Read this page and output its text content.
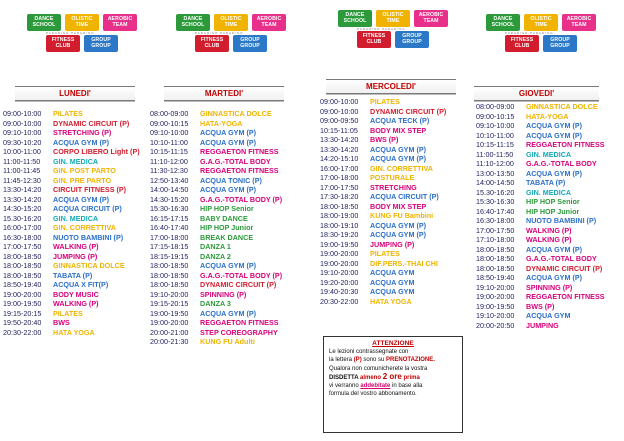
DANCE
SCHOOL
OLISTIC
TIME
AEROBIC
TEAM
FITNESS
CLUB
GROUP
GROUP
PARADISO PARADISO
LUNEDI'
09:00-10:00	PILATES
09:00-10:00	DYNAMIC CIRCUIT (P)
09:10-10:00	STRETCHING (P)
09:30-10:20	ACQUA GYM (P)
10:00-11:00	CORPO LIBERO Light (P)
11:00-11:50	GIN. MEDICA
11:00-11:45	GIN. POST PARTO
11:45-12:30	GIN. PRE PARTO
13:30-14:20	CIRCUIT FITNESS (P)
13:30-14:20	ACQUA GYM (P)
14:30-15:20	ACQUA CIRCUIT (P)
15.30-16:20	GIN. MEDICA
16:00-17:00	GIN. CORRETTIVA
16:30-18:00	NUOTO BAMBINI (P)
17:00-17:50	WALKING (P)
18:00-18:50	JUMPING (P)
18:00-18:50	GINNASTICA DOLCE
18:00-18:50	TABATA (P)
18:50-19:40	ACQUA X FIT(P)
19:00-20:00	BODY MUSIC
19:00-19:50	WALKING (P)
19:15-20:15	PILATES
19:50-20:40	BWS
20:30-22:00	HATA YOGA
DANCE
SCHOOL
OLISTIC
TIME
AEROBIC
TEAM
FITNESS
CLUB
GROUP
GROUP
PARADISO PARADISO
MARTEDI'
08:00-09:00	GINNASTICA DOLCE
09:00-10:15	HATA-YOGA
09:10-10:00	ACQUA GYM (P)
10:10-11:00	ACQUA GYM (P)
10:15-11:15	REGGAETON FITNESS
11:10-12:00	G.A.G.-TOTAL BODY
11:30-12:30	REGGAETON FITNESS
12:50-13:40	ACQUA TONIC (P)
14:00-14:50	ACQUA GYM (P)
14:30-15:20	G.A.G.-TOTAL BODY (P)
15:30-16:30	HIP HOP Senior
16:15-17:15	BABY DANCE
16:40-17:40	HIP HOP Junior
17:00-18:00	BREAK DANCE
17:15-18:15	DANZA 1
18:15-19:15	DANZA 2
18:00-18:50	ACQUA GYM (P)
18:00-18:50	G.A.G.-TOTAL BODY (P)
18:00-18:50	DYNAMIC CIRCUIT (P)
19:10-20:00	SPINNING (P)
19:15-20:15	DANZA 3
19:00-19:50	ACQUA GYM (P)
19:00-20:00	REGGAETON FITNESS
20:00-21:00	STEP COREOGRAPHY
20:00-21:30	KUNG FU Adulti
DANCE
SCHOOL
OLISTIC
TIME
AEROBIC
TEAM
FITNESS
CLUB
GROUP
GROUP
PARADISO PARADISO
MERCOLEDI'
09:00-10:00	PILATES
09:00-10:00	DYNAMIC CIRCUIT (P)
09:00-09:50	ACQUA TECK (P)
10:15-11:05	BODY MIX STEP
13:30-14:20	BWS (P)
13:30-14:20	ACQUA GYM (P)
14:20-15:10	ACQUA GYM (P)
16:00-17:00	GIN. CORRETTIVA
17:00-18:00	POSTURALE
17:00-17:50	STRETCHING
17:30-18:20	ACQUA CIRCUIT (P)
18:00-18:50	BODY MIX STEP
18:00-19:00	KUNG FU Bambini
18:00-19:10	ACQUA GYM (P)
18:30-19:20	ACQUA GYM (P)
19:00-19:50	JUMPING (P)
19:00-20:00	PILATES
19:00-20:00	DIF.PERS.-THAI CHI
19:10-20:00	ACQUA GYM
19:20-20:00	ACQUA GYM
19:40-20:30	ACQUA GYM
20:30-22:00	HATA YOGA
DANCE
SCHOOL
OLISTIC
TIME
AEROBIC
TEAM
FITNESS
CLUB
GROUP
GROUP
PARADISO PARADISO
GIOVEDI'
08:00-09:00	GINNASTICA DOLCE
09:00-10:15	HATA-YOGA
09:10-10:00	ACQUA GYM (P)
10:10-11:00	ACQUA GYM (P)
10:15-11:15	REGGAETON FITNESS
11:00-11:50	GIN. MEDICA
11:10-12:00	G.A.G.-TOTAL BODY
13:00-13:50	ACQUA GYM (P)
14:00-14:50	TABATA (P)
15.30-16:20	GIN. MEDICA
15:30-16:30	HIP HOP Senior
16:40-17:40	HIP HOP Junior
16:30-18:00	NUOTO BAMBINI (P)
17:00-17:50	WALKING (P)
17:10-18:00	WALKING (P)
18:00-18:50	ACQUA GYM (P)
18:00-18:50	G.A.G.-TOTAL BODY
18:00-18:50	DYNAMIC CIRCUIT (P)
18:50-19:40	ACQUA GYM (P)
19:10-20:00	SPINNING (P)
19:00-20:00	REGGAETON FITNESS
19:00-19:50	BWS (P)
19:10-20:00	ACQUA GYM
20:00-20:50	JUMPING
ATTENZIONE
Le lezioni contrassegnate con
la lettera (P) sono su PRENOTAZIONE.
Qualora non comunicherete la vostra
DISDETTA almeno 2 ore prima
vi verranno addebitate in base alla
formula del vostro abbonamento.
